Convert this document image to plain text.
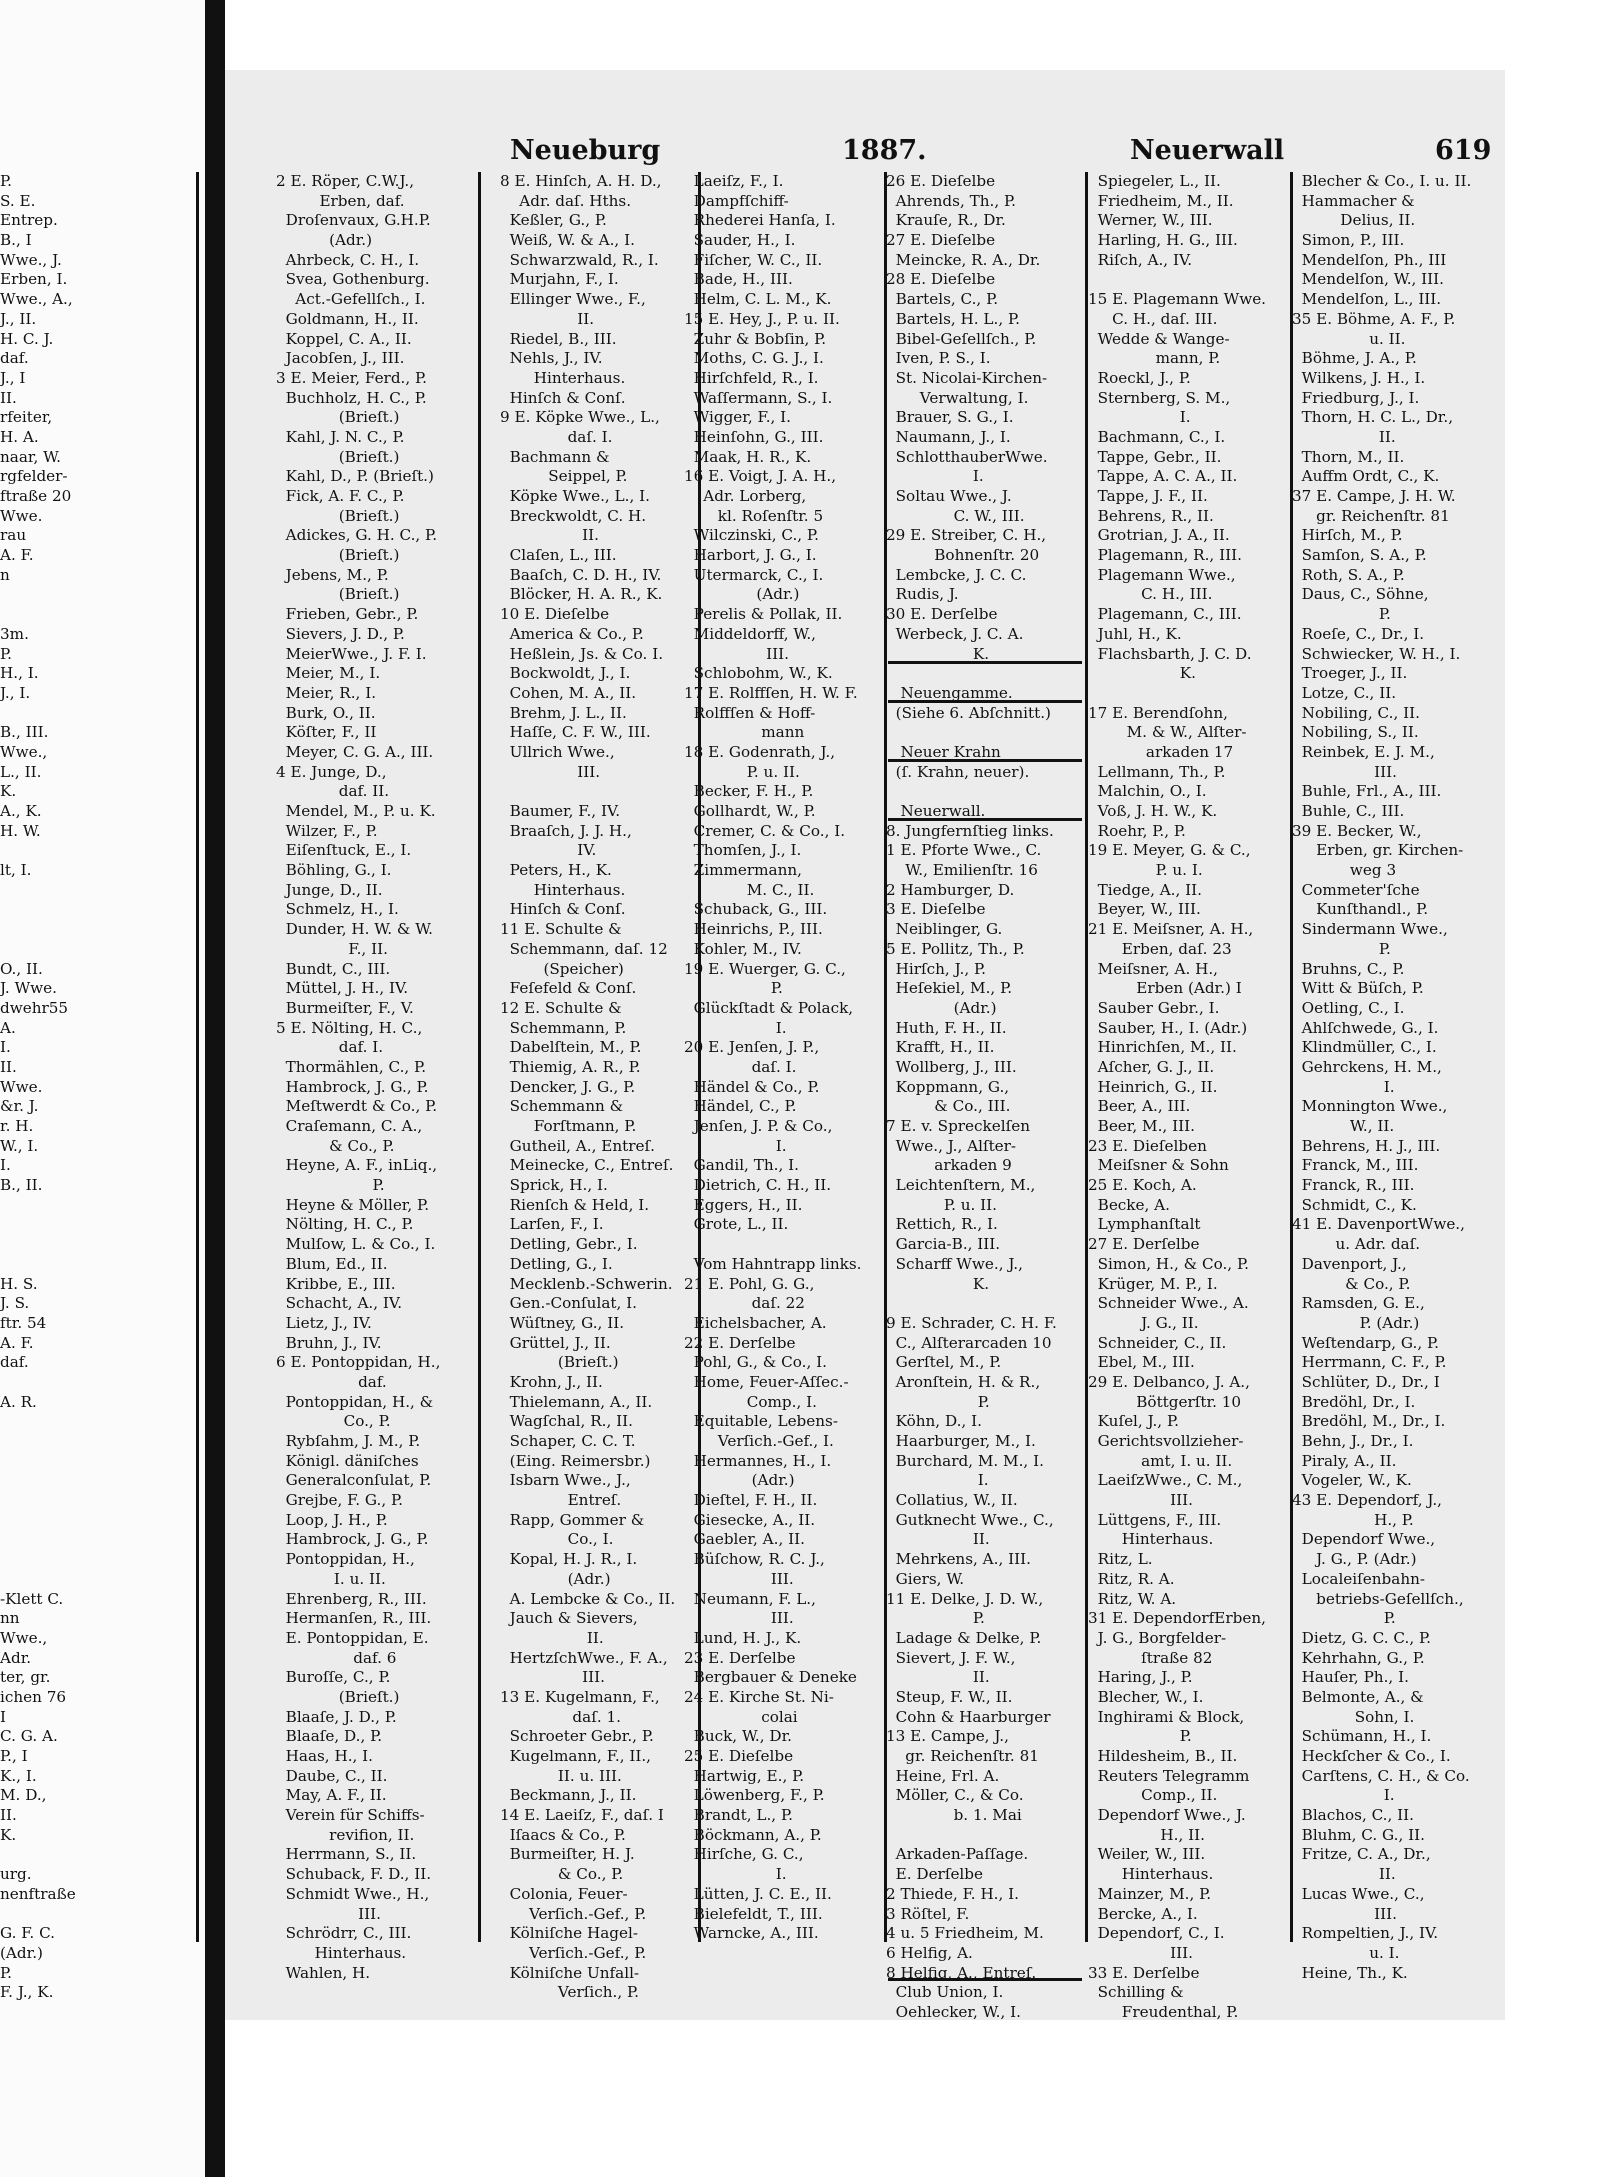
Neueburg	1887.	Neuerwall	619
P.
S. E.
Entrep.
B., I
Wwe., J.
Erben, I.
Wwe., A.,
J., II.
H. C. J.
daf.
J., I
II.
rfeiter,
H. A.
naar, W.
rgfelder-
ftraße 20
Wwe.
rau
A. F.
n
3m.
P.
H., I.
J., I.
B., III.
Wwe.,
L., II.
K.
A., K.
H. W.
lt, I.
O., II.
J. Wwe.
dwehr55
A.
I.
II.
Wwe.
&r. J.
r. H.
W., I.
I.
B., II.
H. S.
J. S.
ftr. 54
A. F.
daf.
A. R.
-Klett C.
nn
Wwe.,
Adr.
ter, gr.
ichen 76
I
C. G. A.
P., I
K., I.
M. D.,
II.
K.
urg.
nenftraße
G. F. C.
(Adr.)
P.
F. J., K.
2 E. Röper, C.W.J.,
Erben, daf.
Droſenvaux, G.H.P.
(Adr.)
Ahrbeck, C. H., I.
Svea, Gothenburg.
Act.-Gefellſch., I.
Goldmann, H., II.
Koppel, C. A., II.
Jacobſen, J., III.
3 E. Meier, Ferd., P.
Buchholz, H. C., P.
(Brieſt.)
Kahl, J. N. C., P.
(Brieſt.)
Kahl, D., P. (Brieſt.)
Fick, A. F. C., P.
(Brieſt.)
Adickes, G. H. C., P.
(Brieſt.)
Jebens, M., P.
(Brieſt.)
Frieben, Gebr., P.
Sievers, J. D., P.
MeierWwe., J. F. I.
Meier, M., I.
Meier, R., I.
Burk, O., II.
Köſter, F., II
Meyer, C. G. A., III.
4 E. Junge, D.,
daf. II.
Mendel, M., P. u. K.
Wilzer, F., P.
Eiſenſtuck, E., I.
Böhling, G., I.
Junge, D., II.
Schmelz, H., I.
Dunder, H. W. & W.
F., II.
Bundt, C., III.
Müttel, J. H., IV.
Burmeiſter, F., V.
5 E. Nölting, H. C.,
daf. I.
Thormählen, C., P.
Hambrock, J. G., P.
Meſtwerdt & Co., P.
Craſemann, C. A.,
& Co., P.
Heyne, A. F., inLiq.,
P.
Heyne & Möller, P.
Nölting, H. C., P.
Mulſow, L. & Co., I.
Blum, Ed., II.
Kribbe, E., III.
Schacht, A., IV.
Lietz, J., IV.
Bruhn, J., IV.
6 E. Pontoppidan, H.,
daf.
Pontoppidan, H., &
Co., P.
Rybſahm, J. M., P.
Königl. däniſches
Generalconſulat, P.
Grejbe, F. G., P.
Loop, J. H., P.
Hambrock, J. G., P.
Pontoppidan, H.,
I. u. II.
Ehrenberg, R., III.
Hermanſen, R., III.
E. Pontoppidan, E.
daf. 6
Buroſſe, C., P.
(Brieſt.)
Blaaſe, J. D., P.
Blaaſe, D., P.
Haas, H., I.
Daube, C., II.
May, A. F., II.
Verein für Schiffs-
revifion, II.
Herrmann, S., II.
Schuback, F. D., II.
Schmidt Wwe., H.,
III.
Schrödrr, C., III.
Hinterhaus.
Wahlen, H.
8 E. Hinſch, A. H. D.,
Adr. daſ. Hths.
Keßler, G., P.
Weiß, W. & A., I.
Schwarzwald, R., I.
Murjahn, F., I.
Ellinger Wwe., F.,
II.
Riedel, B., III.
Nehls, J., IV.
Hinterhaus.
Hinſch & Conſ.
9 E. Köpke Wwe., L.,
daſ. I.
Bachmann &
Seippel, P.
Köpke Wwe., L., I.
Breckwoldt, C. H.
II.
Claſen, L., III.
Baaſch, C. D. H., IV.
Blöcker, H. A. R., K.
10 E. Dieſelbe
America & Co., P.
Heßlein, Js. & Co. I.
Bockwoldt, J., I.
Cohen, M. A., II.
Brehm, J. L., II.
Haſſe, C. F. W., III.
Ullrich Wwe.,
III.
Baumer, F., IV.
Braaſch, J. J. H.,
IV.
Peters, H., K.
Hinterhaus.
Hinſch & Conſ.
11 E. Schulte &
Schemmann, daſ. 12
(Speicher)
Feſefeld & Conſ.
12 E. Schulte &
Schemmann, P.
Dabelſtein, M., P.
Thiemig, A. R., P.
Dencker, J. G., P.
Schemmann &
Forſtmann, P.
Gutheil, A., Entreſ.
Meinecke, C., Entreſ.
Sprick, H., I.
Rienſch & Held, I.
Larſen, F., I.
Detling, Gebr., I.
Detling, G., I.
Mecklenb.-Schwerin.
Gen.-Conſulat, I.
Wüſtney, G., II.
Grüttel, J., II.
(Brieſt.)
Krohn, J., II.
Thielemann, A., II.
Wagſchal, R., II.
Schaper, C. C. T.
(Eing. Reimersbr.)
Isbarn Wwe., J.,
Entreſ.
Rapp, Gommer &
Co., I.
Kopal, H. J. R., I.
(Adr.)
A. Lembcke & Co., II.
Jauch & Sievers,
II.
HertzſchWwe., F. A.,
III.
13 E. Kugelmann, F.,
daſ. 1.
Schroeter Gebr., P.
Kugelmann, F., II.,
II. u. III.
Beckmann, J., II.
14 E. Laeiſz, F., daſ. I
Iſaacs & Co., P.
Burmeiſter, H. J.
& Co., P.
Colonia, Feuer-
Verſich.-Gef., P.
Kölniſche Hagel-
Verſich.-Gef., P.
Kölniſche Unfall-
Verſich., P.
Laeiſz, F., I.
Dampfſchiff-
Rhederei Hanſa, I.
Sauder, H., I.
Fiſcher, W. C., II.
Bade, H., III.
Helm, C. L. M., K.
15 E. Hey, J., P. u. II.
Zuhr & Bobſin, P.
Moths, C. G. J., I.
Hirſchfeld, R., I.
Waſſermann, S., I.
Wigger, F., I.
Heinſohn, G., III.
Maak, H. R., K.
16 E. Voigt, J. A. H.,
Adr. Lorberg,
kl. Roſenſtr. 5
Wilczinski, C., P.
Harbort, J. G., I.
Utermarck, C., I.
(Adr.)
Perelis & Pollak, II.
Middeldorff, W.,
III.
Schlobohm, W., K.
17 E. Rolffſen, H. W. F.
Rolffſen & Hoff-
mann
18 E. Godenrath, J.,
P. u. II.
Becker, F. H., P.
Gollhardt, W., P.
Cremer, C. & Co., I.
Thomſen, J., I.
Zimmermann,
M. C., II.
Schuback, G., III.
Heinrichs, P., III.
Kohler, M., IV.
19 E. Wuerger, G. C.,
P.
Glückſtadt & Polack,
I.
20 E. Jenſen, J. P.,
daſ. I.
Händel & Co., P.
Händel, C., P.
Jenſen, J. P. & Co.,
I.
Gandil, Th., I.
Dietrich, C. H., II.
Eggers, H., II.
Grote, L., II.
Vom Hahntrapp links.
21 E. Pohl, G. G.,
daſ. 22
Eichelsbacher, A.
22 E. Derſelbe
Pohl, G., & Co., I.
Home, Feuer-Aſſec.-
Comp., I.
Equitable, Lebens-
Verſich.-Gef., I.
Hermannes, H., I.
(Adr.)
Dieſtel, F. H., II.
Giesecke, A., II.
Gaebler, A., II.
Büſchow, R. C. J.,
III.
Neumann, F. L.,
III.
Lund, H. J., K.
23 E. Derſelbe
Bergbauer & Deneke
24 E. Kirche St. Ni-
colai
Buck, W., Dr.
25 E. Dieſelbe
Hartwig, E., P.
Löwenberg, F., P.
Brandt, L., P.
Böckmann, A., P.
Hirſche, G. C.,
I.
Lütten, J. C. E., II.
Bielefeldt, T., III.
Warncke, A., III.
26 E. Dieſelbe
Ahrends, Th., P.
Krauſe, R., Dr.
27 E. Dieſelbe
Meincke, R. A., Dr.
28 E. Dieſelbe
Bartels, C., P.
Bartels, H. L., P.
Bibel-Geſellſch., P.
Iven, P. S., I.
St. Nicolai-Kirchen-
Verwaltung, I.
Brauer, S. G., I.
Naumann, J., I.
SchlotthauberWwe.
I.
Soltau Wwe., J.
C. W., III.
29 E. Streiber, C. H.,
Bohnenſtr. 20
Lembcke, J. C. C.
Rudis, J.
30 E. Derſelbe
Werbeck, J. C. A.
K.
Neuengamme.
(Siehe 6. Abſchnitt.)
Neuer Krahn
(ſ. Krahn, neuer).
Neuerwall.
8. Jungfernſtieg links.
1 E. Pforte Wwe., C.
W., Emilienſtr. 16
2 Hamburger, D.
3 E. Dieſelbe
Neiblinger, G.
5 E. Pollitz, Th., P.
Hirſch, J., P.
Heſekiel, M., P.
(Adr.)
Huth, F. H., II.
Krafft, H., II.
Wollberg, J., III.
Koppmann, G.,
& Co., III.
7 E. v. Spreckelſen
Wwe., J., Alſter-
arkaden 9
Leichtenſtern, M.,
P. u. II.
Rettich, R., I.
Garcia-B., III.
Scharff Wwe., J.,
K.
9 E. Schrader, C. H. F.
C., Alſterarcaden 10
Gerſtel, M., P.
Aronſtein, H. & R.,
P.
Köhn, D., I.
Haarburger, M., I.
Burchard, M. M., I.
I.
Collatius, W., II.
Gutknecht Wwe., C.,
II.
Mehrkens, A., III.
Giers, W.
11 E. Delke, J. D. W.,
P.
Ladage & Delke, P.
Sievert, J. F. W.,
II.
Steup, F. W., II.
Cohn & Haarburger
13 E. Campe, J.,
gr. Reichenſtr. 81
Heine, Frl. A.
Möller, C., & Co.
b. 1. Mai
Arkaden-Paſſage.
E. Derſelbe
2 Thiede, F. H., I.
3 Röſtel, F.
4 u. 5 Friedheim, M.
6 Helfig, A.
8 Helfig, A., Entreſ.
Club Union, I.
Oehlecker, W., I.
Spiegeler, L., II.
Friedheim, M., II.
Werner, W., III.
Harling, H. G., III.
Riſch, A., IV.
15 E. Plagemann Wwe.
C. H., daſ. III.
Wedde & Wange-
mann, P.
Roeckl, J., P.
Sternberg, S. M.,
I.
Bachmann, C., I.
Tappe, Gebr., II.
Tappe, A. C. A., II.
Tappe, J. F., II.
Behrens, R., II.
Grotrian, J. A., II.
Plagemann, R., III.
Plagemann Wwe.,
C. H., III.
Plagemann, C., III.
Juhl, H., K.
Flachsbarth, J. C. D.
K.
17 E. Berendſohn,
M. & W., Alſter-
arkaden 17
Lellmann, Th., P.
Malchin, O., I.
Voß, J. H. W., K.
Roehr, P., P.
19 E. Meyer, G. & C.,
P. u. I.
Tiedge, A., II.
Beyer, W., III.
21 E. Meiſsner, A. H.,
Erben, daſ. 23
Meiſsner, A. H.,
Erben (Adr.) I
Sauber Gebr., I.
Sauber, H., I. (Adr.)
Hinrichſen, M., II.
Aſcher, G. J., II.
Heinrich, G., II.
Beer, A., III.
Beer, M., III.
23 E. Dieſelben
Meiſsner & Sohn
25 E. Koch, A.
Becke, A.
Lymphanſtalt
27 E. Derſelbe
Simon, H., & Co., P.
Krüger, M. P., I.
Schneider Wwe., A.
J. G., II.
Schneider, C., II.
Ebel, M., III.
29 E. Delbanco, J. A.,
Böttgerſtr. 10
Kuſel, J., P.
Gerichtsvollzieher-
amt, I. u. II.
LaeiſzWwe., C. M.,
III.
Lüttgens, F., III.
Hinterhaus.
Ritz, L.
Ritz, R. A.
Ritz, W. A.
31 E. DependorfErben,
J. G., Borgfelder-
ſtraße 82
Haring, J., P.
Blecher, W., I.
Inghirami & Block,
P.
Hildesheim, B., II.
Reuters Telegramm
Comp., II.
Dependorf Wwe., J.
H., II.
Weiler, W., III.
Hinterhaus.
Mainzer, M., P.
Bercke, A., I.
Dependorf, C., I.
III.
33 E. Derſelbe
Schilling &
Freudenthal, P.
Blecher & Co., I. u. II.
Hammacher &
Delius, II.
Simon, P., III.
Mendelſon, Ph., III
Mendelſon, W., III.
Mendelſon, L., III.
35 E. Böhme, A. F., P.
u. II.
Böhme, J. A., P.
Wilkens, J. H., I.
Friedburg, J., I.
Thorn, H. C. L., Dr.,
II.
Thorn, M., II.
Auffm Ordt, C., K.
37 E. Campe, J. H. W.
gr. Reichenſtr. 81
Hirſch, M., P.
Samſon, S. A., P.
Roth, S. A., P.
Daus, C., Söhne,
P.
Roeſe, C., Dr., I.
Schwiecker, W. H., I.
Troeger, J., II.
Lotze, C., II.
Nobiling, C., II.
Nobiling, S., II.
Reinbek, E. J. M.,
III.
Buhle, Frl., A., III.
Buhle, C., III.
39 E. Becker, W.,
Erben, gr. Kirchen-
weg 3
Commeter'ſche
Kunſthandl., P.
Sindermann Wwe.,
P.
Bruhns, C., P.
Witt & Büſch, P.
Oetling, C., I.
Ahlſchwede, G., I.
Klindmüller, C., I.
Gehrckens, H. M.,
I.
Monnington Wwe.,
W., II.
Behrens, H. J., III.
Franck, M., III.
Franck, R., III.
Schmidt, C., K.
41 E. DavenportWwe.,
u. Adr. daſ.
Davenport, J.,
& Co., P.
Ramsden, G. E.,
P. (Adr.)
Weſtendarp, G., P.
Herrmann, C. F., P.
Schlüter, D., Dr., I
Bredöhl, Dr., I.
Bredöhl, M., Dr., I.
Behn, J., Dr., I.
Piraly, A., II.
Vogeler, W., K.
43 E. Dependorf, J.,
H., P.
Dependorf Wwe.,
J. G., P. (Adr.)
Localeiſenbahn-
betriebs-Geſellſch.,
P.
Dietz, G. C. C., P.
Kehrhahn, G., P.
Hauſer, Ph., I.
Belmonte, A., &
Sohn, I.
Schümann, H., I.
Heckſcher & Co., I.
Carſtens, C. H., & Co.
I.
Blachos, C., II.
Bluhm, C. G., II.
Fritze, C. A., Dr.,
II.
Lucas Wwe., C.,
III.
Rompeltien, J., IV.
u. I.
Heine, Th., K.
